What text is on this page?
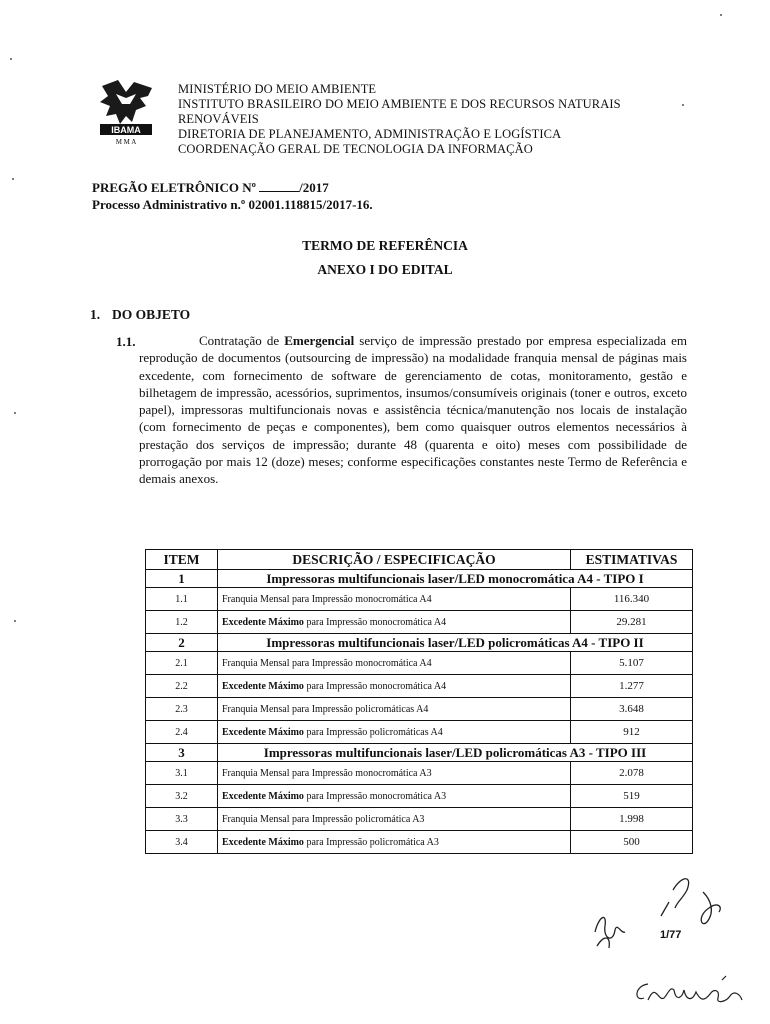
IBAMA
M M A
MINISTÉRIO DO MEIO AMBIENTE
INSTITUTO BRASILEIRO DO MEIO AMBIENTE E DOS RECURSOS NATURAIS
RENOVÁVEIS
DIRETORIA DE PLANEJAMENTO, ADMINISTRAÇÃO E LOGÍSTICA
COORDENAÇÃO GERAL DE TECNOLOGIA DA INFORMAÇÃO
PREGÃO ELETRÔNICO Nº	/2017
Processo Administrativo n.º 02001.118815/2017-16.
TERMO DE REFERÊNCIA
ANEXO I DO EDITAL
1. DO OBJETO
1.1.	Contratação de Emergencial serviço de impressão prestado por empresa especializada em reprodução de documentos (outsourcing de impressão) na modalidade franquia mensal de páginas mais excedente, com fornecimento de software de gerenciamento de cotas, monitoramento, gestão e bilhetagem de impressão, acessórios, suprimentos, insumos/consumíveis originais (toner e outros, exceto papel), impressoras multifuncionais novas e assistência técnica/manutenção nos locais de instalação (com fornecimento de peças e componentes), bem como quaisquer outros elementos necessários à prestação dos serviços de impressão; durante 48 (quarenta e oito) meses com possibilidade de prorrogação por mais 12 (doze) meses; conforme especificações constantes neste Termo de Referência e demais anexos.
ITEM	DESCRIÇÃO / ESPECIFICAÇÃO	ESTIMATIVAS
1	Impressoras multifuncionais laser/LED monocromática A4 - TIPO I	
1.1	Franquia Mensal para Impressão monocromática A4	116.340
1.2	Excedente Máximo para Impressão monocromática A4	29.281
2	Impressoras multifuncionais laser/LED policromáticas A4 - TIPO II	
2.1	Franquia Mensal para Impressão monocromática A4	5.107
2.2	Excedente Máximo para Impressão monocromática A4	1.277
2.3	Franquia Mensal para Impressão policromáticas A4	3.648
2.4	Excedente Máximo para Impressão policromáticas A4	912
3	Impressoras multifuncionais laser/LED policromáticas A3 - TIPO III	
3.1	Franquia Mensal para Impressão monocromática A3	2.078
3.2	Excedente Máximo para Impressão monocromática A3	519
3.3	Franquia Mensal para Impressão policromática A3	1.998
3.4	Excedente Máximo para Impressão policromática A3	500
1/77
